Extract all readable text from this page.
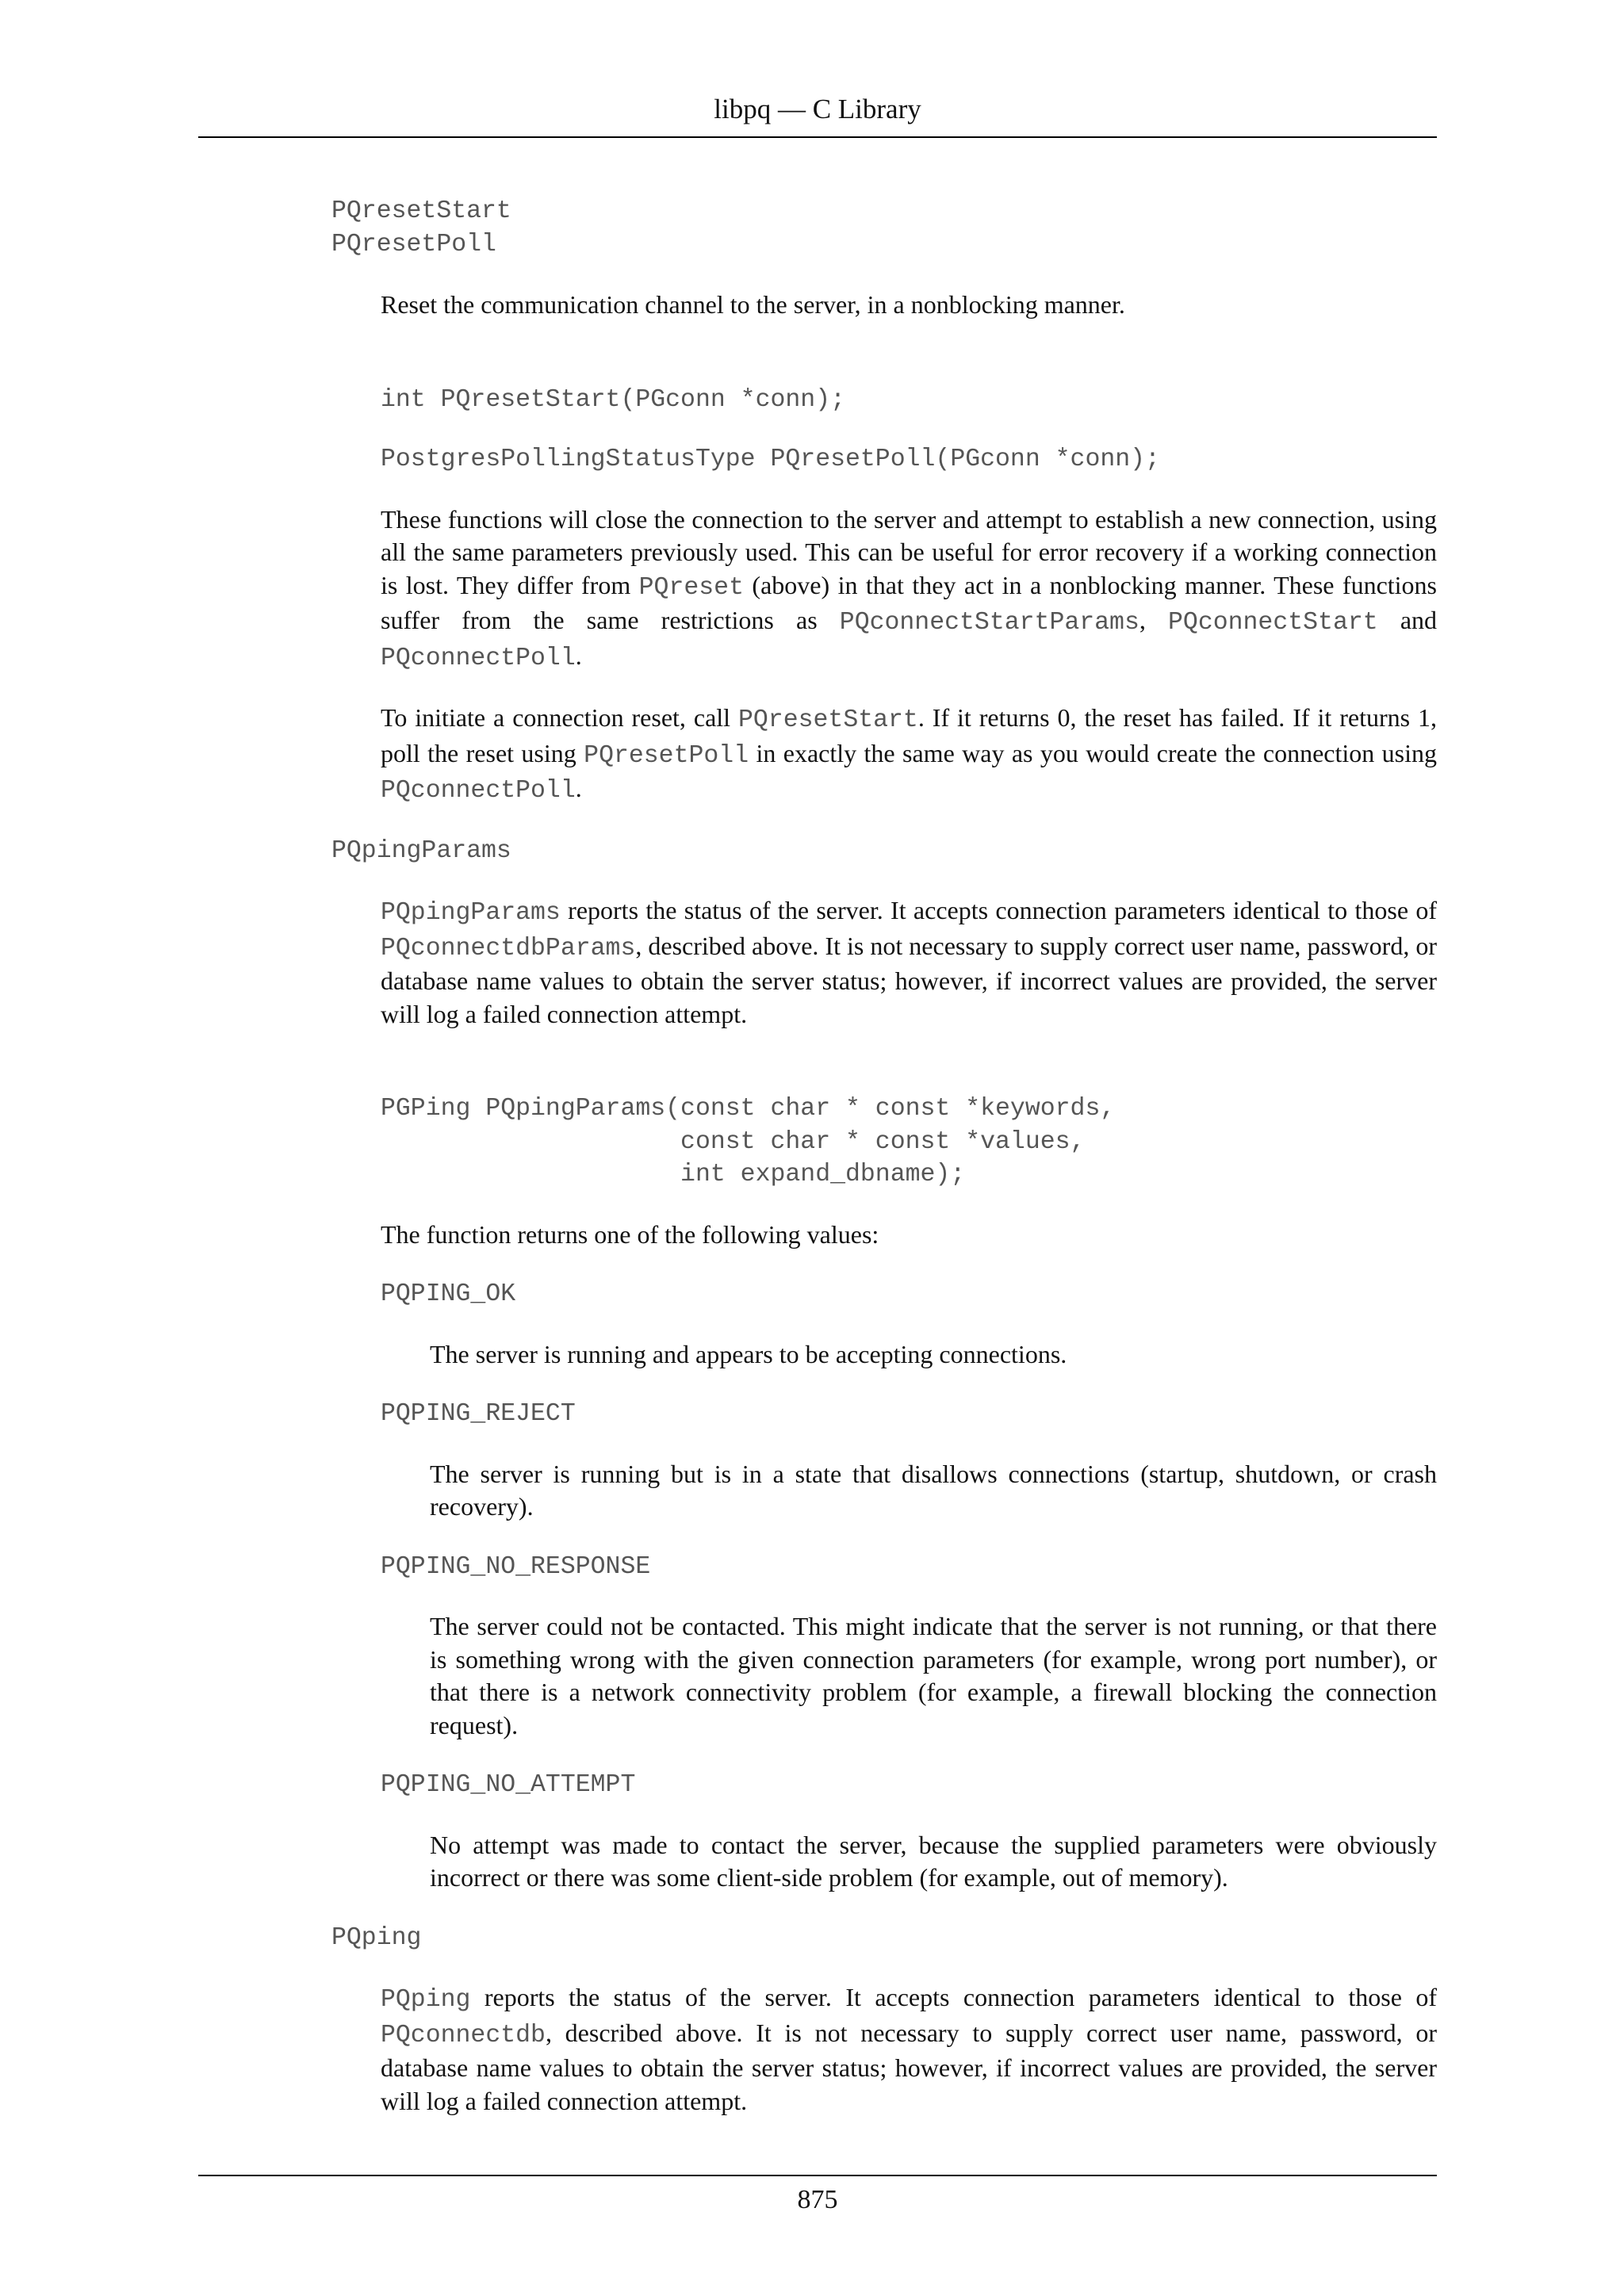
libpq — C Library
PQresetStart
PQresetPoll

Reset the communication channel to the server, in a nonblocking manner.

int PQresetStart(PGconn *conn);
PostgresPollingStatusType PQresetPoll(PGconn *conn);

These functions will close the connection to the server and attempt to establish a new connection, using all the same parameters previously used. This can be useful for error recovery if a working connection is lost. They differ from PQreset (above) in that they act in a nonblocking manner. These functions suffer from the same restrictions as PQconnectStartParams, PQconnectStart and PQconnectPoll.

To initiate a connection reset, call PQresetStart. If it returns 0, the reset has failed. If it returns 1, poll the reset using PQresetPoll in exactly the same way as you would create the connection using PQconnectPoll.

PQpingParams

PQpingParams reports the status of the server. It accepts connection parameters identical to those of PQconnectdbParams, described above. It is not necessary to supply correct user name, password, or database name values to obtain the server status; however, if incorrect values are provided, the server will log a failed connection attempt.

PGPing PQpingParams(const char * const *keywords,
const char * const *values,
int expand_dbname);

The function returns one of the following values:

PQPING_OK

The server is running and appears to be accepting connections.

PQPING_REJECT

The server is running but is in a state that disallows connections (startup, shutdown, or crash recovery).

PQPING_NO_RESPONSE

The server could not be contacted. This might indicate that the server is not running, or that there is something wrong with the given connection parameters (for example, wrong port number), or that there is a network connectivity problem (for example, a firewall blocking the connection request).

PQPING_NO_ATTEMPT

No attempt was made to contact the server, because the supplied parameters were obviously incorrect or there was some client-side problem (for example, out of memory).

PQping

PQping reports the status of the server. It accepts connection parameters identical to those of PQconnectdb, described above. It is not necessary to supply correct user name, password, or database name values to obtain the server status; however, if incorrect values are provided, the server will log a failed connection attempt.

875
